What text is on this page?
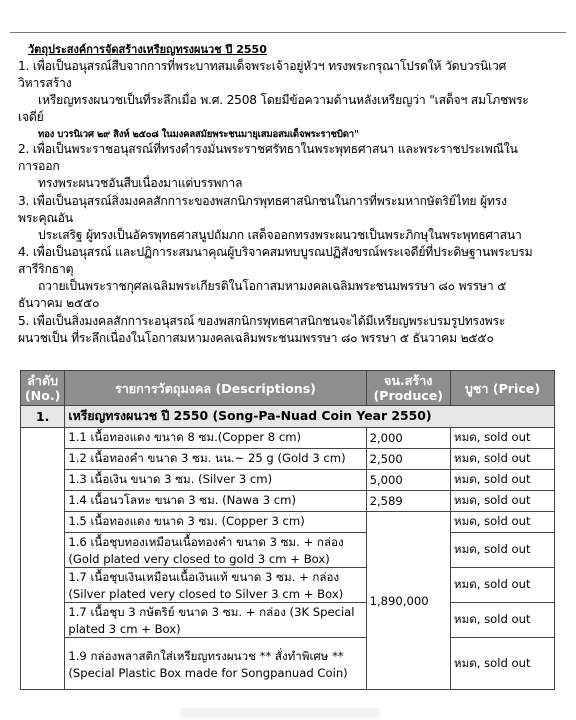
วัตถุประสงค์การจัดสร้างเหรียญทรงผนวช ปี 2550
1. เพื่อเป็นอนุสรณ์สืบจากการที่พระบาทสมเด็จพระเจ้าอยู่หัวฯ ทรงพระกรุณาโปรดให้ วัดบวรนิเวศ
วิหารสร้าง
เหรียญทรงผนวชเป็นที่ระลึกเมื่อ พ.ศ. 2508 โดยมีข้อความด้านหลังเหรียญว่า "เสด็จฯ สมโภชพระ
เจดีย์
ทอง บวรนิเวศ ๒๙ สิงห์ ๒๕๐๘ ในมงคลสมัยพระชนมายุเสมอสมเด็จพระราชบิดา"
2. เพื่อเป็นพระราชอนุสรณ์ที่ทรงดำรงมั่นพระราชศรัทธาในพระพุทธศาสนา และพระราชประเพณีใน
การออก
ทรงพระผนวชอันสืบเนื่องมาแต่บรรพกาล
3. เพื่อเป็นอนุสรณ์สิ่งมงคลสักการะของพสกนิกรพุทธศาสนิกชนในการที่พระมหากษัตริย์ไทย ผู้ทรง
พระคุณอัน
ประเสริฐ ผู้ทรงเป็นอัครพุทธศาสนูปถัมภก เสด็จออกทรงพระผนวชเป็นพระภิกษุในพระพุทธศาสนา
4. เพื่อเป็นอนุสรณ์ และปฏิการะสมนาคุณผู้บริจาคสมทบบูรณปฏิสังขรณ์พระเจดีย์ที่ประดิษฐานพระบรม
สารีริกธาตุ
ถวายเป็นพระราชกุศลเฉลิมพระเกียรติในโอกาสมหามงคลเฉลิมพระชนมพรรษา ๘๐ พรรษา ๕
ธันวาคม ๒๕๕๐
5. เพื่อเป็นสิ่งมงคลสักการะอนุสรณ์ ของพสกนิกรพุทธศาสนิกชนจะได้มีเหรียญพระบรมรูปทรงพระ
ผนวชเป็น ที่ระลึกเนื่องในโอกาสมหามงคลเฉลิมพระชนมพรรษา ๘๐ พรรษา ๕ ธันวาคม ๒๕๕๐
ลำดับ (No.)	รายการวัตถุมงคล (Descriptions)	จน.สร้าง (Produce)	บูชา (Price)
1.	เหรียญทรงผนวช ปี 2550 (Song-Pa-Nuad Coin Year 2550)		
	1.1 เนื้อทองแดง ขนาด 8 ซม.(Copper 8 cm)	2,000	หมด, sold out
	1.2 เนื้อทองคำ ขนาด 3 ซม. นน.~ 25 g (Gold 3 cm)	2,500	หมด, sold out
	1.3 เนื้อเงิน ขนาด 3 ซม. (Silver 3 cm)	5,000	หมด, sold out
	1.4 เนื้อนวโลหะ ขนาด 3 ซม. (Nawa 3 cm)	2,589	หมด, sold out
	1.5 เนื้อทองแดง ขนาด 3 ซม. (Copper 3 cm)	1,890,000	หมด, sold out
	1.6 เนื้อชุบทองเหมือนเนื้อทองคำ ขนาด 3 ซม. + กล่อง (Gold plated very closed to gold 3 cm + Box)		หมด, sold out
	1.7 เนื้อชุบเงินเหมือนเนื้อเงินแท้ ขนาด 3 ซม. + กล่อง (Silver plated very closed to Silver 3 cm + Box)		หมด, sold out
	1.7 เนื้อชุบ 3 กษัตริย์ ขนาด 3 ซม. + กล่อง (3K Special plated 3 cm + Box)		หมด, sold out
	1.9 กล่องพลาสติกใส่เหรียญทรงผนวช ** สั่งทำพิเศษ ** (Special Plastic Box made for Songpanuad Coin)		หมด, sold out
